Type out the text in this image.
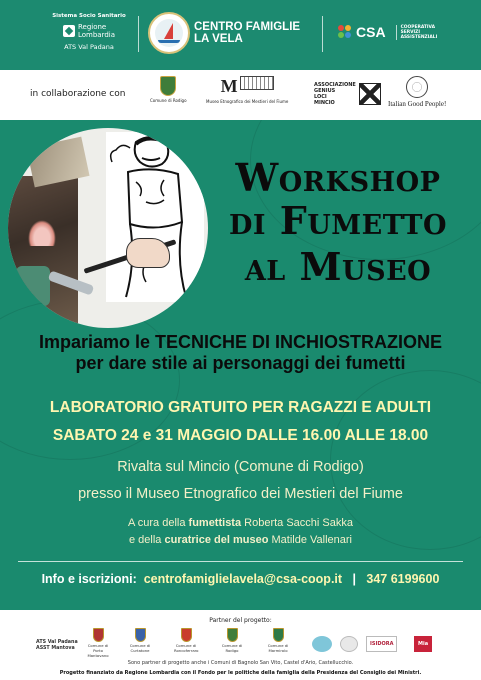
Sistema Socio Sanitario
Regione
Lombardia
ATS Val Padana
CENTRO FAMIGLIE
LA VELA	CSA	COOPERATIVA
SERVIZI
ASSISTENZIALI
in collaborazione con
Comune di Rodigo
M
Museo Etnografico dei Mestieri del Fiume
ASSOCIAZIONE
GENIUS
LOCI
MINCIO	Italian Good People!
Workshop
di Fumetto
al Museo
Impariamo le TECNICHE DI INCHIOSTRAZIONE
per dare stile ai personaggi dei fumetti
LABORATORIO GRATUITO PER RAGAZZI E ADULTI
SABATO 24 e 31 MAGGIO DALLE 16.00 ALLE 18.00
Rivalta sul Mincio (Comune di Rodigo)
presso il Museo Etnografico dei Mestieri del Fiume
A cura della fumettista Roberta Sacchi Sakka
e della curatrice del museo Matilde Vallenari
Info e iscrizioni: centrofamiglielavela@csa-coop.it | 347 6199600
Partner del progetto:
ATS Val Padana
ASST Mantova
Comune di Porto Mantovano
Comune di Curtatone
Comune di Roncoferraro
Comune di Rodigo
Comune di Marmirolo
ISIDORA	Mia
Sono partner di progetto anche i Comuni di Bagnolo San Vito, Castel d'Ario, Castellucchio.
Progetto finanziato da Regione Lombardia con il Fondo per le politiche della famiglia della Presidenza del Consiglio dei Ministri.
